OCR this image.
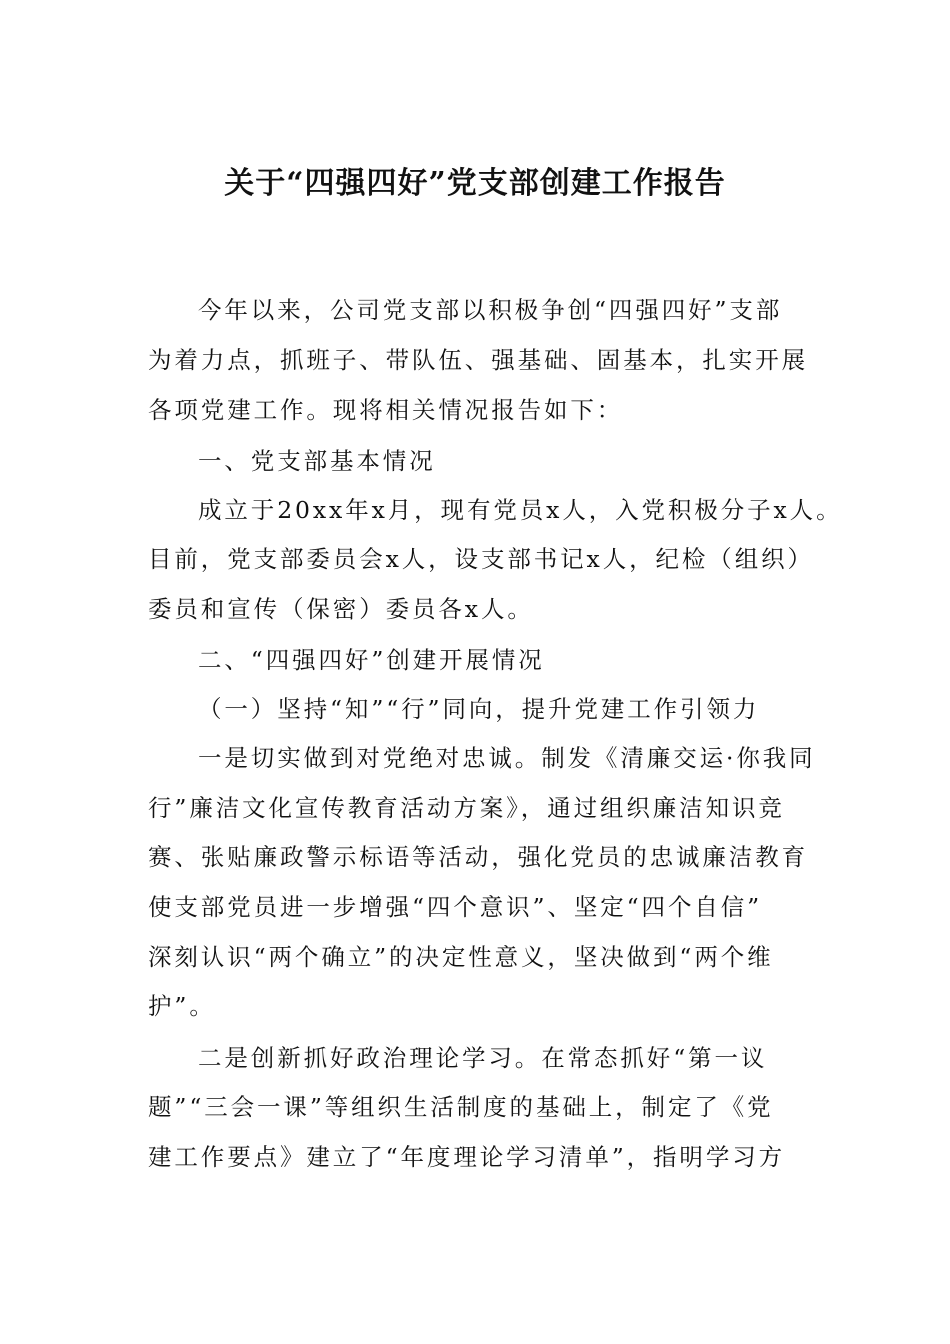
关于“四强四好”党支部创建工作报告
今年以来，公司党支部以积极争创“四强四好”支部
为着力点，抓班子、带队伍、强基础、固基本，扎实开展
各项党建工作。现将相关情况报告如下：
一、党支部基本情况
成立于20xx年x月，现有党员x人，入党积极分子x人。
目前，党支部委员会x人，设支部书记x人，纪检（组织）
委员和宣传（保密）委员各x人。
二、“四强四好”创建开展情况
（一）坚持“知”“行”同向，提升党建工作引领力
一是切实做到对党绝对忠诚。制发《清廉交运·你我同
行”廉洁文化宣传教育活动方案》，通过组织廉洁知识竞
赛、张贴廉政警示标语等活动，强化党员的忠诚廉洁教育
使支部党员进一步增强“四个意识”、坚定“四个自信”
深刻认识“两个确立”的决定性意义，坚决做到“两个维
护”。
二是创新抓好政治理论学习。在常态抓好“第一议
题”“三会一课”等组织生活制度的基础上，制定了《党
建工作要点》建立了“年度理论学习清单”，指明学习方
